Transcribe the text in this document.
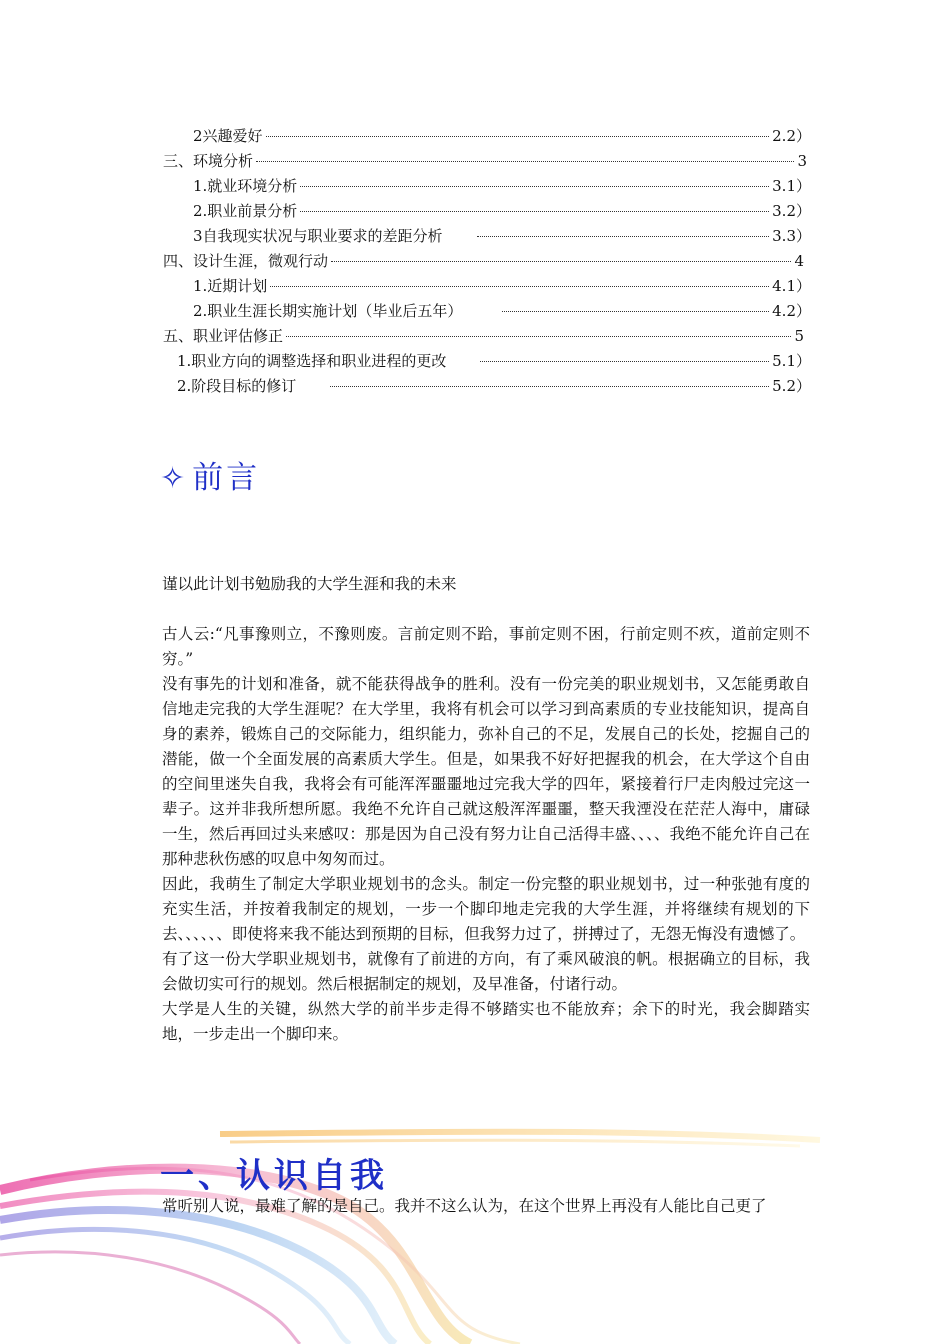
2兴趣爱好	2.2）
三、环境分析	3
1.就业环境分析	3.1）
2.职业前景分析	3.2）
3自我现实状况与职业要求的差距分析	3.3）
四、设计生涯，微观行动	4
1.近期计划	4.1）
2.职业生涯长期实施计划（毕业后五年）	4.2）
五、职业评估修正	5
1.职业方向的调整选择和职业进程的更改	5.1）
2.阶段目标的修订	5.2）
✧ 前言

谨以此计划书勉励我的大学生涯和我的未来

古人云:“凡事豫则立，不豫则废。言前定则不跲，事前定则不困，行前定则不疚，道前定则不穷。”

没有事先的计划和准备，就不能获得战争的胜利。没有一份完美的职业规划书，又怎能勇敢自信地走完我的大学生涯呢？在大学里，我将有机会可以学习到高素质的专业技能知识，提高自身的素养，锻炼自己的交际能力，组织能力，弥补自己的不足，发展自己的长处，挖掘自己的潜能，做一个全面发展的高素质大学生。但是，如果我不好好把握我的机会，在大学这个自由的空间里迷失自我，我将会有可能浑浑噩噩地过完我大学的四年，紧接着行尸走肉般过完这一辈子。这并非我所想所愿。我绝不允许自己就这般浑浑噩噩，整天我湮没在茫茫人海中，庸碌一生，然后再回过头来感叹：那是因为自己没有努力让自己活得丰盛、、、、我绝不能允许自己在那种悲秋伤感的叹息中匆匆而过。

因此，我萌生了制定大学职业规划书的念头。制定一份完整的职业规划书，过一种张弛有度的充实生活，并按着我制定的规划，一步一个脚印地走完我的大学生涯，并将继续有规划的下去、、、、、、即使将来我不能达到预期的目标，但我努力过了，拼搏过了，无怨无悔没有遗憾了。

有了这一份大学职业规划书，就像有了前进的方向，有了乘风破浪的帆。根据确立的目标，我会做切实可行的规划。然后根据制定的规划，及早准备，付诸行动。

大学是人生的关键，纵然大学的前半步走得不够踏实也不能放弃；余下的时光，我会脚踏实地，一步走出一个脚印来。

一、认识自我

常听别人说，最难了解的是自己。我并不这么认为，在这个世界上再没有人能比自己更了
